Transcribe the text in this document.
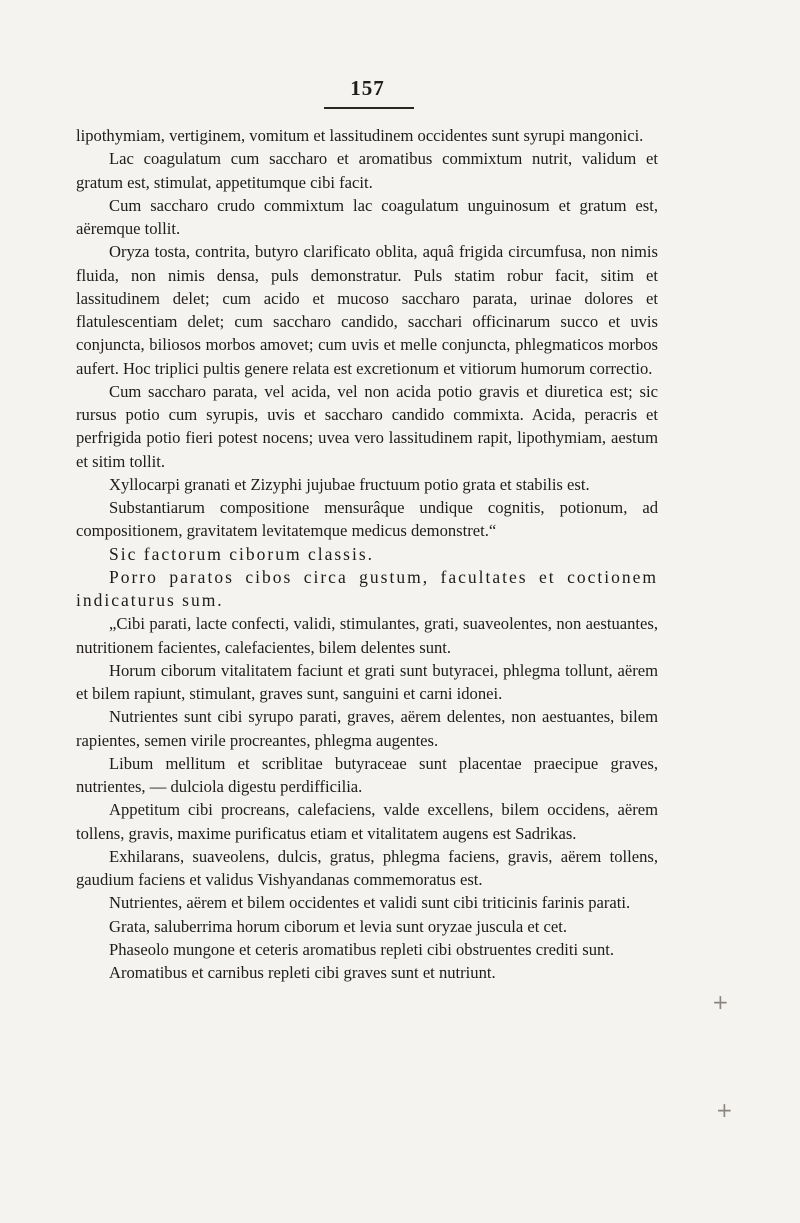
157

lipothymiam, vertiginem, vomitum et lassitudinem occidentes sunt syrupi mangonici.

Lac coagulatum cum saccharo et aromatibus commixtum nutrit, validum et gratum est, stimulat, appetitumque cibi facit.

Cum saccharo crudo commixtum lac coagulatum unguinosum et gratum est, aëremque tollit.

Oryza tosta, contrita, butyro clarificato oblita, aquâ frigida circumfusa, non nimis fluida, non nimis densa, puls demonstratur. Puls statim robur facit, sitim et lassitudinem delet; cum acido et mucoso saccharo parata, urinae dolores et flatulescentiam delet; cum saccharo candido, sacchari officinarum succo et uvis conjuncta, biliosos morbos amovet; cum uvis et melle conjuncta, phlegmaticos morbos aufert. Hoc triplici pultis genere relata est excretionum et vitiorum humorum correctio.

Cum saccharo parata, vel acida, vel non acida potio gravis et diuretica est; sic rursus potio cum syrupis, uvis et saccharo candido commixta. Acida, peracris et perfrigida potio fieri potest nocens; uvea vero lassitudinem rapit, lipothymiam, aestum et sitim tollit.

Xyllocarpi granati et Zizyphi jujubae fructuum potio grata et stabilis est.

Substantiarum compositione mensurâque undique cognitis, potionum, ad compositionem, gravitatem levitatemque medicus demonstret.“

Sic factorum ciborum classis.

Porro paratos cibos circa gustum, facultates et coctionem indicaturus sum.

„Cibi parati, lacte confecti, validi, stimulantes, grati, suaveolentes, non aestuantes, nutritionem facientes, calefacientes, bilem delentes sunt.

Horum ciborum vitalitatem faciunt et grati sunt butyracei, phlegma tollunt, aërem et bilem rapiunt, stimulant, graves sunt, sanguini et carni idonei.

Nutrientes sunt cibi syrupo parati, graves, aërem delentes, non aestuantes, bilem rapientes, semen virile procreantes, phlegma augentes.

Libum mellitum et scriblitae butyraceae sunt placentae praecipue graves, nutrientes, — dulciola digestu perdifficilia.

Appetitum cibi procreans, calefaciens, valde excellens, bilem occidens, aërem tollens, gravis, maxime purificatus etiam et vitalitatem augens est Sadrikas.

Exhilarans, suaveolens, dulcis, gratus, phlegma faciens, gravis, aërem tollens, gaudium faciens et validus Vishyandanas commemoratus est.

Nutrientes, aërem et bilem occidentes et validi sunt cibi triticinis farinis parati.

Grata, saluberrima horum ciborum et levia sunt oryzae juscula et cet.

Phaseolo mungone et ceteris aromatibus repleti cibi obstruentes crediti sunt.

Aromatibus et carnibus repleti cibi graves sunt et nutriunt.

+
+
